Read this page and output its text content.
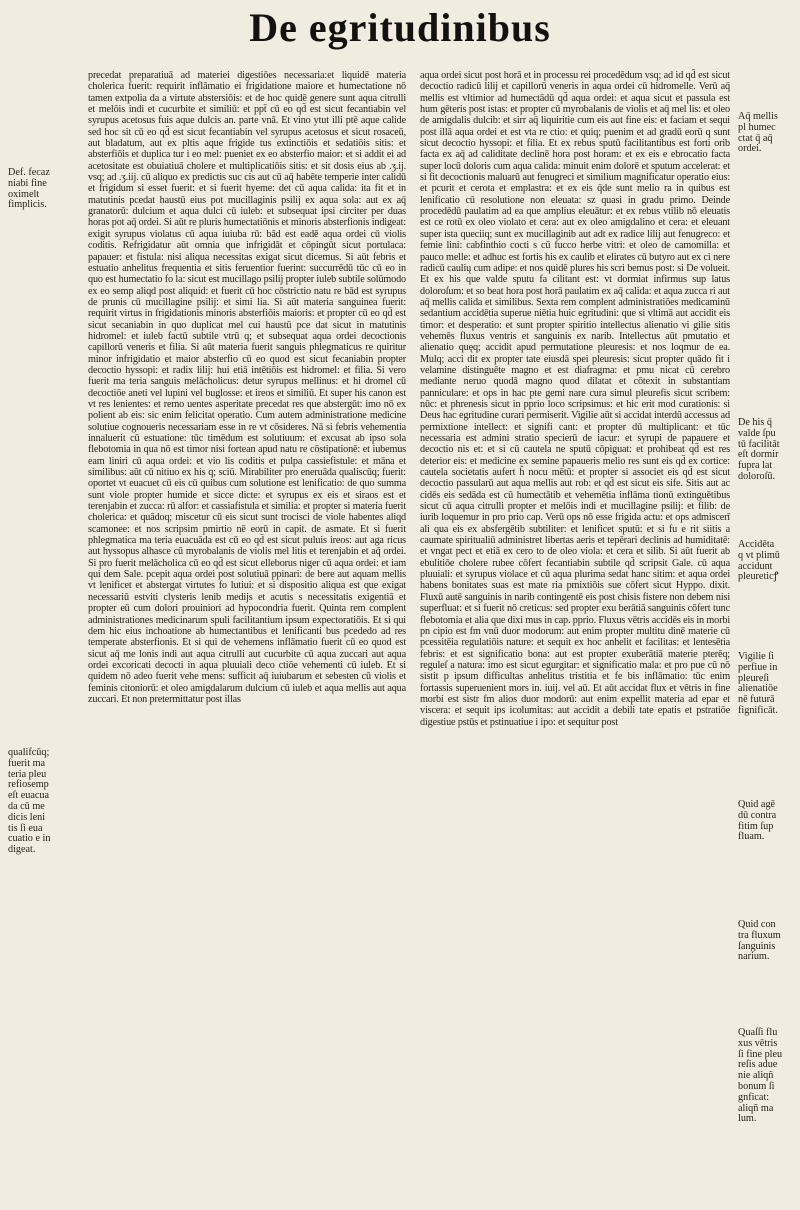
De egritudinibus

precedat preparatiuā ad materiei digestiōes necessaria:et liquidē materia cholerica fuerit: requirit inflāmatio ei frigidatione maiore et humectatione nō tamen extpolia da a virtute abstersiōis: et de hoc quidē genere sunt aqua citrulli et melōis indi et cucurbite et similiū: et ppt̄ cū eo qd̄ est sicut fecantiabin vel syrupus acetosus fuis aque dulcis an. parte vnā. Et vino ytut illi ptē aque calide sed hoc sit cū eo qd̄ est sicut fecantiabin vel syrupus acetosus et sicut rosaceū, aut bladatum, aut ex pltis aque frigide tus extinctiōis et sedatiōis sitis: et absterfiōis et duplica tur i eo mel: pueniet ex eo absterfio maior: et si addit ei ad acetositate est obuiatiuā cholere et multiplicatiōis sitis: et sit dosis eius ab .ʒ.ij. vsq; ad .ʒ.iij. cū aliquo ex predictis suc cis aut cū aq̄ habēte temperie inter calidū et frigidum si esset fuerit: et si fuerit hyeme: det cū aqua calida: ita fit et in matutinis pcedat haustū eius pot mucillaginis psilij ex aqua sola: aut ex aq̄ granatorū: dulcium et aqua dulci cū iuleb: et subsequat ipsi circiter per duas horas pot aq̄ ordei. Si aūt re pluris humectatiōnis et minoris absterfionis indigeat: exigit syrupus violatus cū aqua iuiuba rū: bād est eadē aqua ordei cū violis coditis. Refrigidatur aūt omnia que infrigidāt et cōpingūt sicut portulaca: papauer: et fistula: nisi aliqua necessitas exigat sicut dicemus. Si aūt febris et estuatio anhelitus frequentia et sitis feruentior fuerint: succurrēdū tūc cū eo in quo est humectatio fo la: sicut est mucillago psilij propter iuleb subtile solūmodo ex eo semp aliqd post aliquid: et fuerit cū hoc cōstrictio natu re bād est syrupus de prunis cū mucillagine psilij: et simi lia. Si aūt materia sanguinea fuerit: requirit virtus in frigidationis minoris absterfiōis maioris: et propter cū eo qd̄ est sicut secaniabin in quo duplicat mel cui haustū pce dat sicut in matutinis hidromel: et iuleb factū subtile vtrū q; et subsequat aqua ordei decoctionis capillorū veneris et filia. Si aūt materia fuerit sanguis phlegmaticus re quiritur minor infrigidatio et maior absterfio cū eo quod est sicut fecaniabin propter decoctio hyssopi: et radix lilij: hui etiā intētiōis est hidromel: et filia. Si vero fuerit ma teria sanguis melācholicus: detur syrupus mellinus: et hi dromel cū decoctiōe aneti vel lupini vel buglosse: et ireos et similiū. Et super his canon est vt res lenientes: et remo uentes asperitate precedat res que abstergūt: imo nō ex polient ab eis: sic enim felicitat operatio. Cum autem administratione medicine solutiue cognoueris necessariam esse in re vt cōsideres. Nā si febris vehementia innaluerit cū estuatione: tūc timēdum est solutiuum: et excusat ab ipso sola flebotomia in qua nō est timor nisi fortean apud natu re cōstipationē: et iubemus eam liniri cū aqua ordei: et vio lis coditis et pulpa cassiefistule: et māna et similibus: aūt cū nitiuo ex his q; sciū. Mirabiliter pro eneruāda qualiscūq; fuerit: oportet vt euacuet cū eis cū quibus cum solutione est lenificatio: de quo summa sunt viole propter humide et sicce dicte: et syrupus ex eis et siraos est et terenjabin et zucca: rū alfor: et cassiafistula et similia: et propter si materia fuerit cholerica: et quādoq; miscetur cū eis sicut sunt trocisci de viole habentes aliqd scamonee: et nos scripsim pmirtio nē eorū in capit. de asmate. Et si fuerit phlegmatica ma teria euacuāda est cū eo qd̄ est sicut puluis ireos: aut aga ricus aut hyssopus alhasce cū myrobalanis de violis mel litis et terenjabin et aq̄ ordei. Si pro fuerit melācholica cū eo qd̄ est sicut elleborus niger cū aqua ordei: et iam qui dem Sale. pcepit aqua ordei post solutiuā ppinari: de bere aut aquam mellis vt lenificet et abstergat virtutes fo lutiui: et si dispositio aliqua est que exigat necessariū estviti clysteris lenib medijs et acutis s necessitatis exigentiā et propter eū cum dolori prouiniori ad hypocondria fuerit. Quinta rem complent administrationes medicinarum spuli facilitantium ipsum expectoratiōis. Et si qui dem hic eius inchoatione ab humectantibus et lenificanti bus pcededo ad res temperate absterfionis. Et si qui de vehemens inflāmatio fuerit cū eo quod est sicut aq̄ me lonis indi aut aqua citrulli aut cucurbite cū aqua zuccari aut aqua ordei excoricati decocti in aqua pluuiali deco ctiōe vehementi cū iuleb. Et si quidem nō adeo fuerit vehe mens: sufficit aq̄ iuiubarum et sebesten cū violis et feminis citoniorū: et oleo amigdalarum dulcium cū iuleb et aqua mellis aut aqua zuccari. Et non pretermittatur post illas

aqua ordei sicut post horā et in processu rei procedēdum vsq; ad id qd̄ est sicut decoctio radicū lilij et capillorū veneris in aqua ordei cū hidromelle. Verū aq̄ mellis est vltimior ad humectādū qd̄ aqua ordei: et aqua sicut et passula est hum gēteris post istas: et propter cū myrobalanis de violis et aq̄ mel lis: et oleo de amigdalis dulcib: et sirr aq̄ liquiritie cum eis aut fine eis: et faciam et sequi post illā aqua ordei et est vta re ctio: et quiq; puenim et ad gradū eorū q sunt sicut decoctio hyssopi: et filia. Et ex rebus sputū facilitantibus est forti orib facta ex aq̄ ad caliditate declinē hora post horam: et ex eis e ebrocatio facta super locū doloris cum aqua calida: minuit enim dolorē et sputum accelerat: et si fit decoctionis maluarū aut fenugreci et similium magnificatur operatio eius: et pcurit et cerota et emplastra: et ex eis q̄de sunt melio ra in quibus est lenificatio cū resolutione non eleuata: sz quasi in gradu primo. Deinde procedēdū paulatim ad ea que amplius eleuātur: et ex rebus vtilib nō eleuatis est ce rotū ex oleo violato et cera: aut ex oleo amigdalino et cera: et eleuant super ista queciiq; sunt ex mucillaginib aut adt ex radice lilij aut fenugreco: et femie lini: cabfinthio cocti s cū fucco herbe vitri: et oleo de camomilla: et pauco melle: et adhuc est fortis his ex caulib et elirates cū butyro aut ex ci nere radicū caulių cum adipe: et nos quidē plures his scri bemus post: si De volueit. Et ex his que valde sputu fa cilitant est: vt dormiat infirmus sup latus doloroſum: et so beat hora post horā paulatim ex aq̄ calida: et aqua zucca ri aut aq̄ mellis calida et similibus. Sexta rem complent administratiōes medicaminū sedantium accidētia superue niētia huic egritudini: que si vltimā aut accidit eis timor: et desperatio: et sunt propter spiritio intellectus alienatio vi gilie sitis vehemēs fluxus ventris et sanguinis ex narib. Intellectus aūt pmutatio et alienatio quęq; accidit apud permutatione pleuresis: et nos loqmur de ea. Mulq; acci dit ex propter tate eiusdā spei pleuresis: sicut propter quādo fit i velamine distinguēte magno et est diafragma: et pmu nicat cū cerebro mediante neruo quodā magno quod dilatat et cōtexit in substantiam panniculare: et ops in hac pte gemi nare cura simul pleurefis sicut scribem: nūc: et phrenesis sicut in pprio loco scripsimus: et hic erit mod curationis: si Deus hac egritudine curari permiserit. Vigilie aūt si accidat interdū accessus ad permixtione intellect: et signifi cant: et propter dū multiplicant: et tūc necessaria est admini stratio specierū de iacur: et syrupi de papauere et decoctio nis et: et si cū cautela ne sputū cōpiguat: et prohibeat qd̄ est res deterior eis: et medicine ex semine papaueris melio res sunt eis qd̄ ex cortice: cautela societatis aufert ĥ nocu mētū: et propter si associet eis qd̄ est sicut decoctio passularū aut aqua mellis aut rob: et qd̄ est sicut eis sife. Sitis aut ac cidēs eis sedāda est cū humectātib et vehemētia inflāma tionū extinguētibus sicut cū aqua citrulli propter et melōis indi et mucillagine psilij: et filib: de iurib loquemur in pro prio cap. Verū ops nō esse frigida actu: et ops admiscerī ali qua eis ex absfergētib subtiliter: et lenificet sputū: et si fu e rit siitis a caumate spiritualiū administret libertas aeris et tepērari declinis ad humiditatē: et vngat pect et etiā ex cero to de oleo viola: et cera et silib. Si aūt fuerit ab ebulitiōe cholere rubee cōfert fecantiabin subtile qd̄ scripsit Gale. cū aqua pluuiali: et syrupus violace et cū aqua plurima sedat hanc sitim: et aqua ordei habens bonitates suas est mate ria pmixtiōis sue cōfert sicut Hyppo. dixit. Fluxū autē sanguinis in narib contingentē eis post chisis fistere non debem nisi superfluat: et si fuerit nō creticus: sed propter exu berātiā sanguinis cōfert tunc flebotomia et alia que dixi mus in cap. pprio. Fluxus vētris accidēs eis in morbi pn cipio est fm vnū duor modorum: aut enim propter multitu dinē materie cū pcessitēia regulatiōis nature: et sequit ex hoc anhelit et facilitas: et lentesētia febris: et est significatio bona: aut est propter exuberātiā materie pterēq; reguleſ a natura: imo est sicut egurgitar: et significatio mala: et pro pue cū nō sistit p ipsum difficultas anhelitus tristitia et fe bis inflāmatio: tūc enim fortassis superuenient mors in. iuij. vel aū. Et aūt accidat flux et vētris in fine morbi est sistr fm alios duor modorū: aut enim expellit materia ad epar et viscera: et sequit ips icolumitas: aut accidit a debili tate epatis et pstratiōe digestiue pstūs et pstinuatiue i ipo: et sequitur post

Def. fecaz
niabi fine
oximelt
fimplicis.
qualifcūq;
fuerit ma
teria pleu
refiosemp
eſt euacua
da cū me
dicis leni
tis ſi eua
cuatio e in
digeat.
Aq̄ mellis
pl humec
ctat q̄ aq̄
ordei.
De his q̄
valde ſpu
tū facilitāt
eſt dormir
fupra lat
doloroſū.
Accidēta
q vt plimū
accidunt
pleureticꝭ
Vigilie ſi
perfiue in
pleureſi
alienatiōe
nē futurā
fignificāt.
Quid agē
dū contra
fitim ſup
fluam.
Quid con
tra fluxum
ſanguinis
narium.
Quaſſi flu
xus vētris
ſi fine pleu
reſis adue
nie aliqñ
bonum ſi
gnficat:
aliqñ ma
lum.
